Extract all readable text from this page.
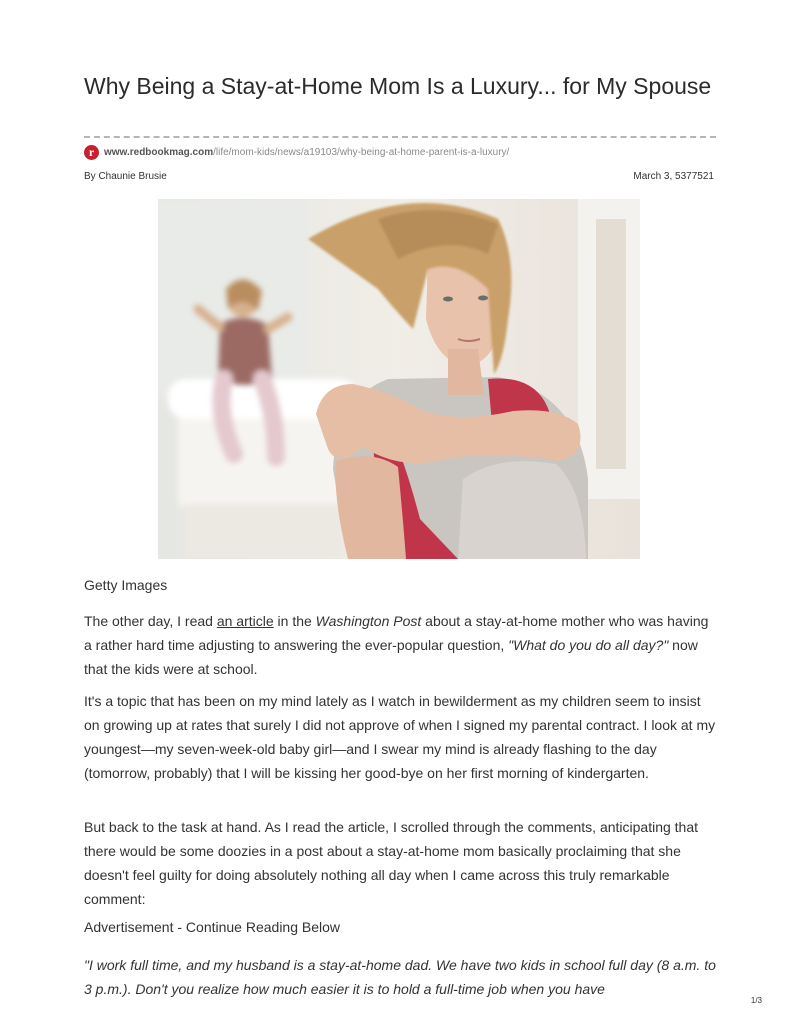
Why Being a Stay-at-Home Mom Is a Luxury... for My Spouse
r www.redbookmag.com/life/mom-kids/news/a19103/why-being-at-home-parent-is-a-luxury/
By Chaunie Brusie	March 3, 5377521

Getty Images

The other day, I read an article in the Washington Post about a stay-at-home mother who was having a rather hard time adjusting to answering the ever-popular question, "What do you do all day?" now that the kids were at school.

It's a topic that has been on my mind lately as I watch in bewilderment as my children seem to insist on growing up at rates that surely I did not approve of when I signed my parental contract. I look at my youngest—my seven-week-old baby girl—and I swear my mind is already flashing to the day (tomorrow, probably) that I will be kissing her good-bye on her first morning of kindergarten.

But back to the task at hand. As I read the article, I scrolled through the comments, anticipating that there would be some doozies in a post about a stay-at-home mom basically proclaiming that she doesn't feel guilty for doing absolutely nothing all day when I came across this truly remarkable comment:

Advertisement - Continue Reading Below

"I work full time, and my husband is a stay-at-home dad. We have two kids in school full day (8 a.m. to 3 p.m.). Don't you realize how much easier it is to hold a full-time job when you have

1/3
